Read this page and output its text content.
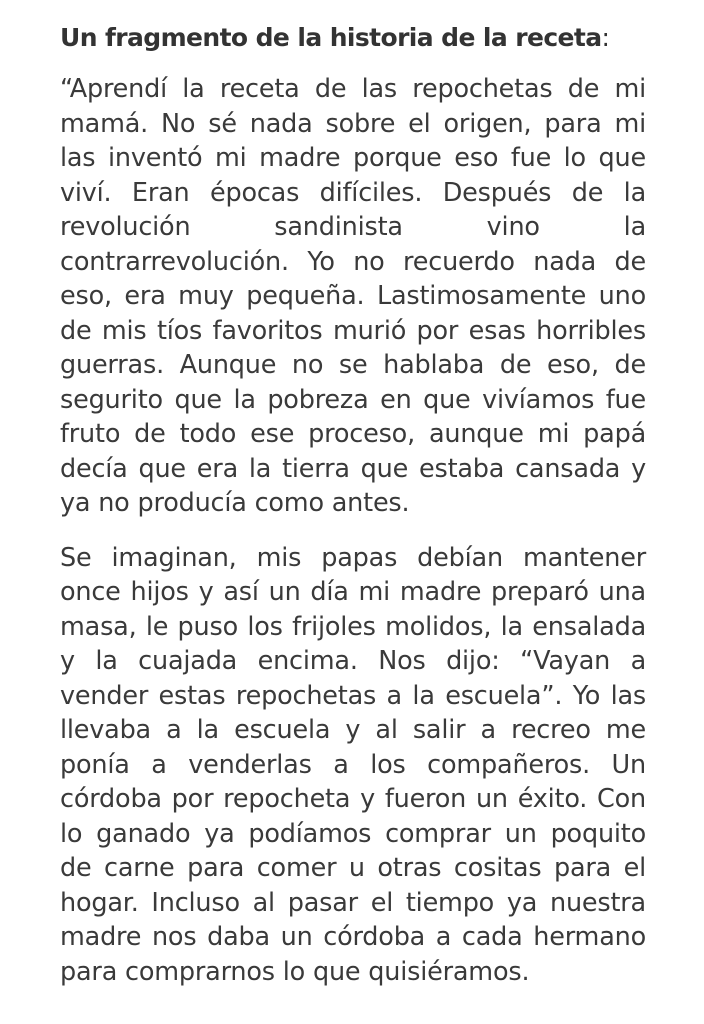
Un fragmento de la historia de la receta:

“Aprendí la receta de las repochetas de mi mamá. No sé nada sobre el origen, para mi las inventó mi madre porque eso fue lo que viví. Eran épocas difíciles. Después de la revolución sandinista vino la contrarrevolución. Yo no recuerdo nada de eso, era muy pequeña. Lastimosamente uno de mis tíos favoritos murió por esas horribles guerras. Aunque no se hablaba de eso, de segurito que la pobreza en que vivíamos fue fruto de todo ese proceso, aunque mi papá decía que era la tierra que estaba cansada y ya no producía como antes.

Se imaginan, mis papas debían mantener once hijos y así un día mi madre preparó una masa, le puso los frijoles molidos, la ensalada y la cuajada encima. Nos dijo: “Vayan a vender estas repochetas a la escuela”. Yo las llevaba a la escuela y al salir a recreo me ponía a venderlas a los compañeros. Un córdoba por repocheta y fueron un éxito. Con lo ganado ya podíamos comprar un poquito de carne para comer u otras cositas para el hogar. Incluso al pasar el tiempo ya nuestra madre nos daba un córdoba a cada hermano para comprarnos lo que quisiéramos.
